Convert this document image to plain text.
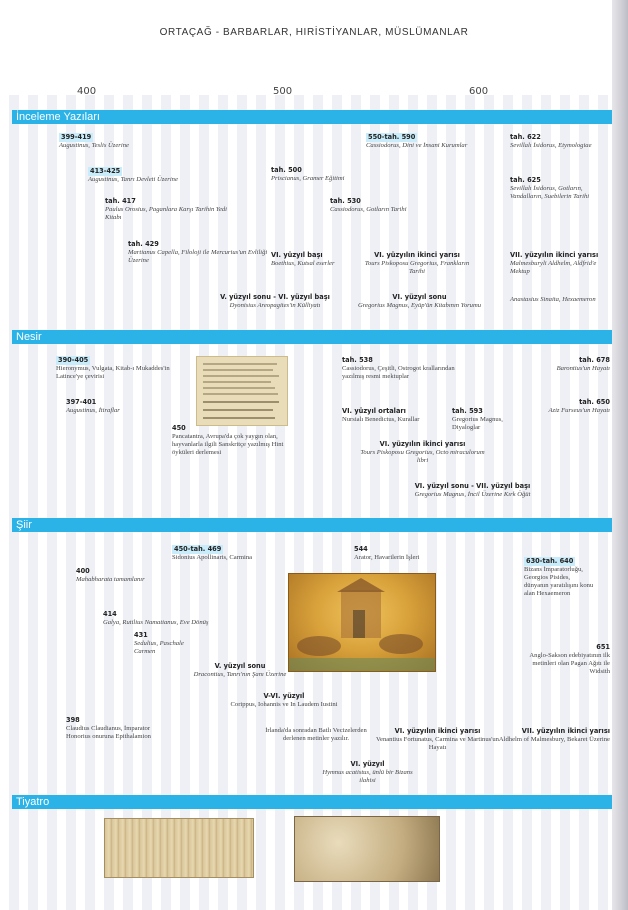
ORTAÇAĞ - BARBARLAR, HIRİSTİYANLAR, MÜSLÜMANLAR
400	500	600
İnceleme Yazıları
399-419
Augustinus, Teslis Üzerine
413-425
Augustinus, Tanrı Devleti Üzerine
tah. 417
Paulus Orosius, Paganlara Karşı Tarihin Yedi Kitabı
tah. 429
Martianus Capella, Filoloji ile Mercurius'un Evliliği Üzerine
V. yüzyıl sonu - VI. yüzyıl başı
Dyonisius Areopagites'in Külliyatı
tah. 500
Priscianus, Gramer Eğitimi
tah. 530
Cassiodorus, Gotların Tarihi
VI. yüzyıl başı
Boethius, Kutsal eserler
550-tah. 590
Cassiodorus, Dini ve İnsani Kurumlar
VI. yüzyılın ikinci yarısı
Tours Piskoposu Gregorius, Frankların Tarihi
VI. yüzyıl sonu
Gregorius Magnus, Eyüp'ün Kitabının Yorumu
tah. 622
Sevillalı İsidorus, Etymologiae
tah. 625
Sevillalı İsidorus, Gotların, Vandalların, Suebilerin Tarihi
VII. yüzyılın ikinci yarısı
Malmesburyli Aldhelm, Aldfrid'e Mektup
Anastasius Sinaita, Hexaemeron
Nesir
390-405
Hieronymus, Vulgata, Kitab-ı Mukaddes'in Latince'ye çevirisi
397-401
Augustinus, İtiraflar
450
Pancatantra, Avrupa'da çok yaygın olan, hayvanlarla ilgili Sanskritçe yazılmış Hint öyküleri derlemesi
tah. 538
Cassiodorus, Çeşitli, Ostrogot krallarından yazılmış resmi mektuplar
VI. yüzyıl ortaları
Nursialı Benedictus, Kurallar
tah. 593
Gregorius Magnus, Diyaloglar
VI. yüzyılın ikinci yarısı
Tours Piskoposu Gregorius, Octo miraculorum libri
VI. yüzyıl sonu - VII. yüzyıl başı
Gregorius Magnus, İncil Üzerine Kırk Öğüt
tah. 678
Barontius'un Hayatı
tah. 650
Aziz Furseus'un Hayatı
Şiir
400
Mahabharata tamamlanır
414
Galya, Rutilius Namatianus, Eve Dönüş
431
Sedulius, Paschale Carmen
V. yüzyıl sonu
Dracontius, Tanrı'nın Şanı Üzerine
V-VI. yüzyıl
Corippus, Iohannis ve In Laudem Iustini
398
Claudius Claudianus, İmparator Honorius onuruna Epithalamion
450-tah. 469
Sidonius Apollinaris, Carmina
544
Arator, Havarilerin İşleri
İrlanda'da sonradan Batlı Vecizelerden derlenen metinler yazılır.
VI. yüzyılın ikinci yarısı
Venantius Fortunatus, Carmina ve Martinus'un Hayatı
VI. yüzyıl
Hymnus acatistus, ünlü bir Bizans ilahisi
630-tah. 640
Bizans İmparatorluğu, Georgios Pisides, dünyanın yaratılışını konu alan Hexaemeron
651
Anglo-Sakson edebiyatının ilk metinleri olan Pagan Ağıtı ile Widsith
VII. yüzyılın ikinci yarısı
Aldhelm of Malmesbury, Bekaret Üzerine
Tiyatro
